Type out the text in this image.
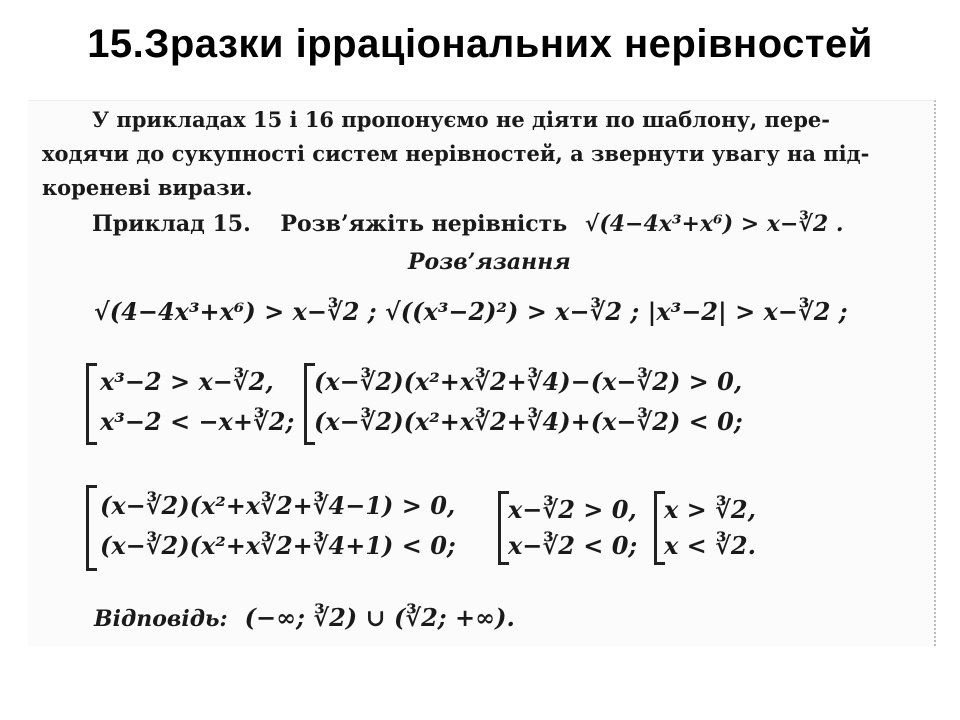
15.Зразки ірраціональних нерівностей
У прикладах 15 і 16 пропонуємо не діяти по шаблону, пере-
ходячи до сукупності систем нерівностей, а звернути увагу на під-
кореневі вирази.
Приклад 15. Розв’яжіть нерівність √(4−4x³+x⁶) > x−∛2 .
Розв’язання
√(4−4x³+x⁶) > x−∛2 ; √((x³−2)²) > x−∛2 ; |x³−2| > x−∛2 ;
x³−2 > x−∛2,
x³−2 < −x+∛2;
(x−∛2)(x²+x∛2+∛4)−(x−∛2) > 0,
(x−∛2)(x²+x∛2+∛4)+(x−∛2) < 0;
(x−∛2)(x²+x∛2+∛4−1) > 0,
(x−∛2)(x²+x∛2+∛4+1) < 0;
x−∛2 > 0,
x−∛2 < 0;
x > ∛2,
x < ∛2.
Відповідь: (−∞; ∛2) ∪ (∛2; +∞).
